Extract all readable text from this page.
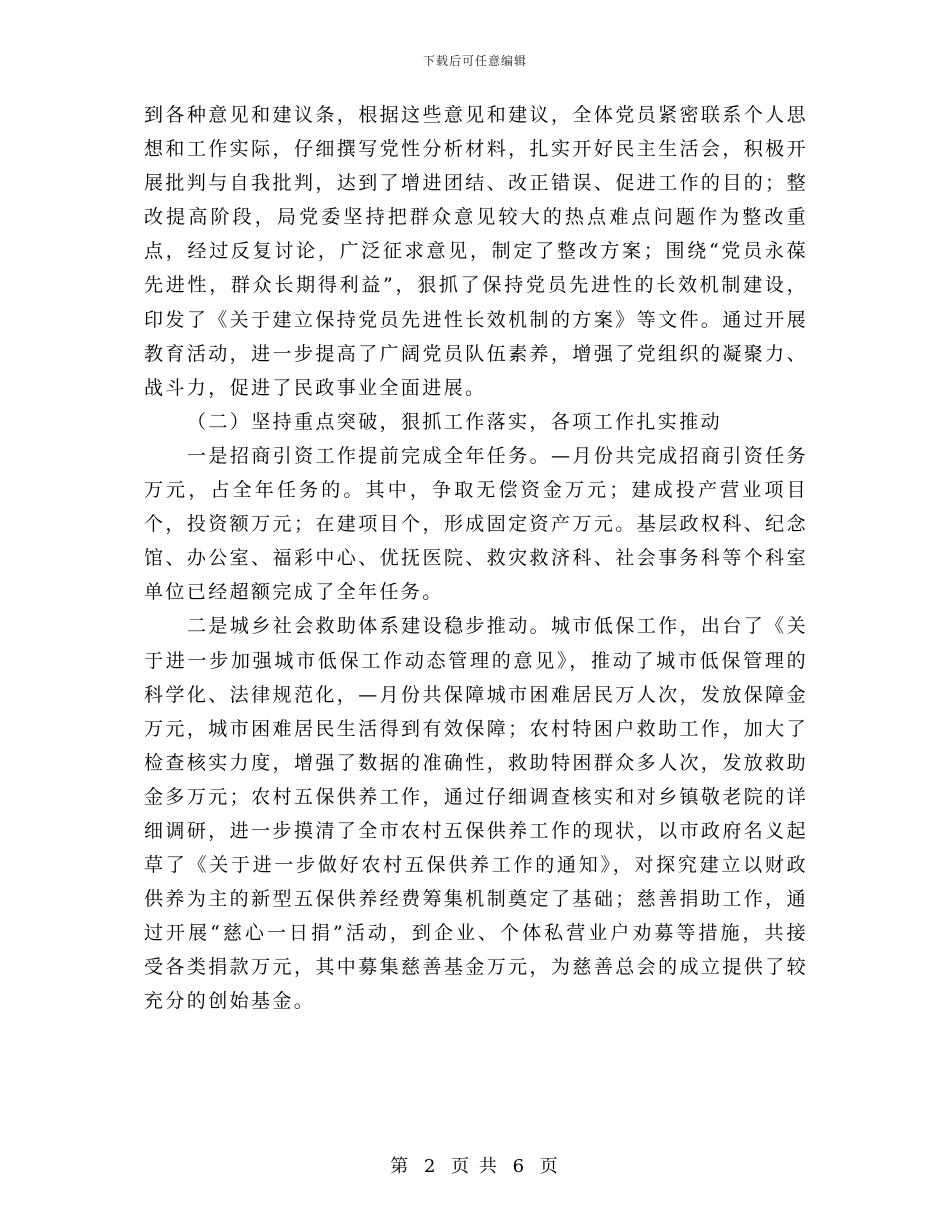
下载后可任意编辑

到各种意见和建议条，根据这些意见和建议，全体党员紧密联系个人思想和工作实际，仔细撰写党性分析材料，扎实开好民主生活会，积极开展批判与自我批判，达到了增进团结、改正错误、促进工作的目的；整改提高阶段，局党委坚持把群众意见较大的热点难点问题作为整改重点，经过反复讨论，广泛征求意见，制定了整改方案；围绕“党员永葆先进性，群众长期得利益”，狠抓了保持党员先进性的长效机制建设，印发了《关于建立保持党员先进性长效机制的方案》等文件。通过开展教育活动，进一步提高了广阔党员队伍素养，增强了党组织的凝聚力、战斗力，促进了民政事业全面进展。

（二）坚持重点突破，狠抓工作落实，各项工作扎实推动

一是招商引资工作提前完成全年任务。—月份共完成招商引资任务万元，占全年任务的。其中，争取无偿资金万元；建成投产营业项目个，投资额万元；在建项目个，形成固定资产万元。基层政权科、纪念馆、办公室、福彩中心、优抚医院、救灾救济科、社会事务科等个科室单位已经超额完成了全年任务。

二是城乡社会救助体系建设稳步推动。城市低保工作，出台了《关于进一步加强城市低保工作动态管理的意见》，推动了城市低保管理的科学化、法律规范化，—月份共保障城市困难居民万人次，发放保障金万元，城市困难居民生活得到有效保障；农村特困户救助工作，加大了检查核实力度，增强了数据的准确性，救助特困群众多人次，发放救助金多万元；农村五保供养工作，通过仔细调查核实和对乡镇敬老院的详细调研，进一步摸清了全市农村五保供养工作的现状，以市政府名义起草了《关于进一步做好农村五保供养工作的通知》，对探究建立以财政供养为主的新型五保供养经费筹集机制奠定了基础；慈善捐助工作，通过开展“慈心一日捐”活动，到企业、个体私营业户劝募等措施，共接受各类捐款万元，其中募集慈善基金万元，为慈善总会的成立提供了较充分的创始基金。

第 2 页 共 6 页
